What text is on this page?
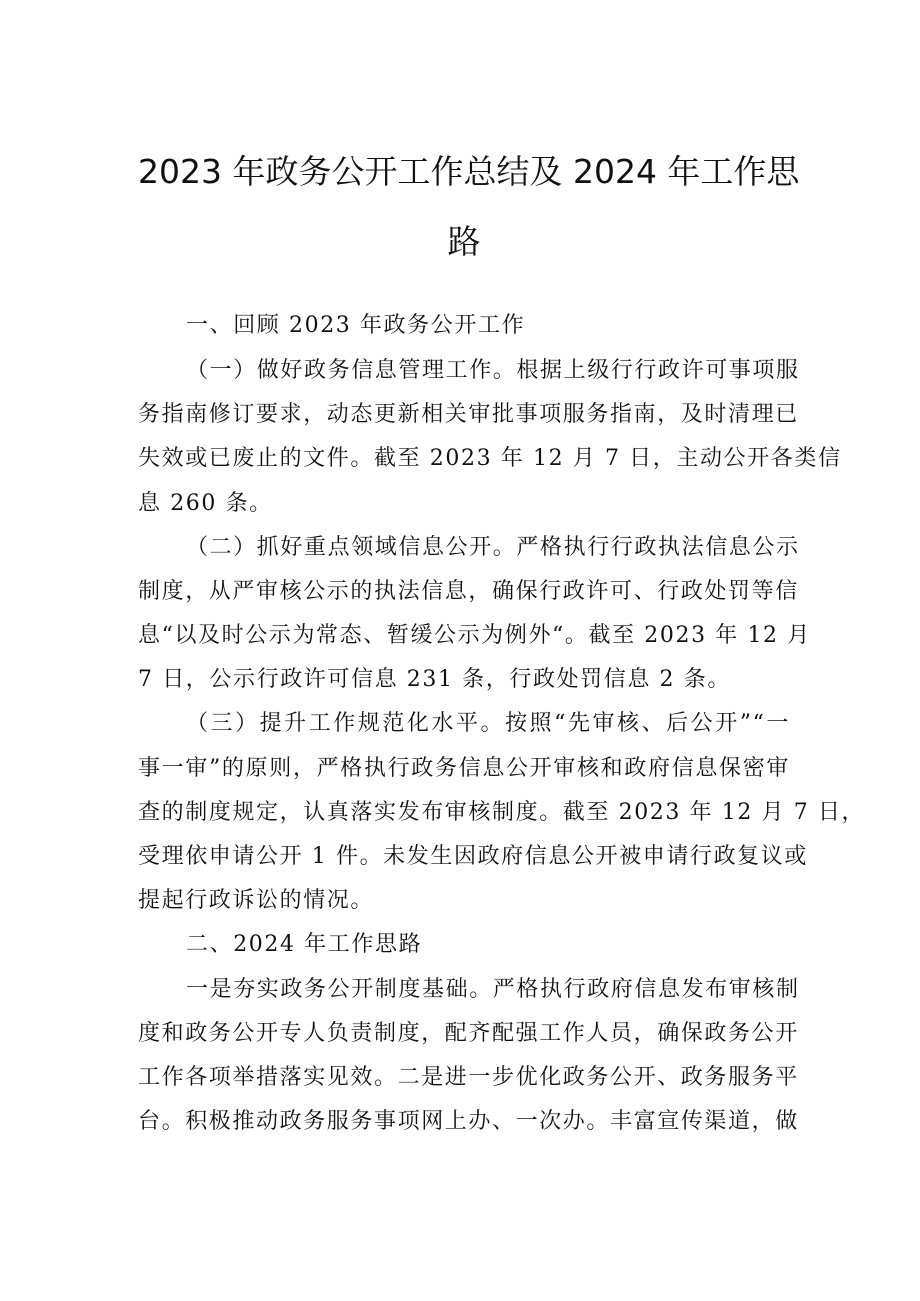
2023 年政务公开工作总结及 2024 年工作思
路
一、回顾 2023 年政务公开工作
（一）做好政务信息管理工作。根据上级行行政许可事项服
务指南修订要求，动态更新相关审批事项服务指南，及时清理已
失效或已废止的文件。截至 2023 年 12 月 7 日，主动公开各类信
息 260 条。
（二）抓好重点领域信息公开。严格执行行政执法信息公示
制度，从严审核公示的执法信息，确保行政许可、行政处罚等信
息“以及时公示为常态、暂缓公示为例外“。截至 2023 年 12 月
7 日，公示行政许可信息 231 条，行政处罚信息 2 条。
（三）提升工作规范化水平。按照“先审核、后公开”“一
事一审”的原则，严格执行政务信息公开审核和政府信息保密审
查的制度规定，认真落实发布审核制度。截至 2023 年 12 月 7 日，
受理依申请公开 1 件。未发生因政府信息公开被申请行政复议或
提起行政诉讼的情况。
二、2024 年工作思路
一是夯实政务公开制度基础。严格执行政府信息发布审核制
度和政务公开专人负责制度，配齐配强工作人员，确保政务公开
工作各项举措落实见效。二是进一步优化政务公开、政务服务平
台。积极推动政务服务事项网上办、一次办。丰富宣传渠道，做
